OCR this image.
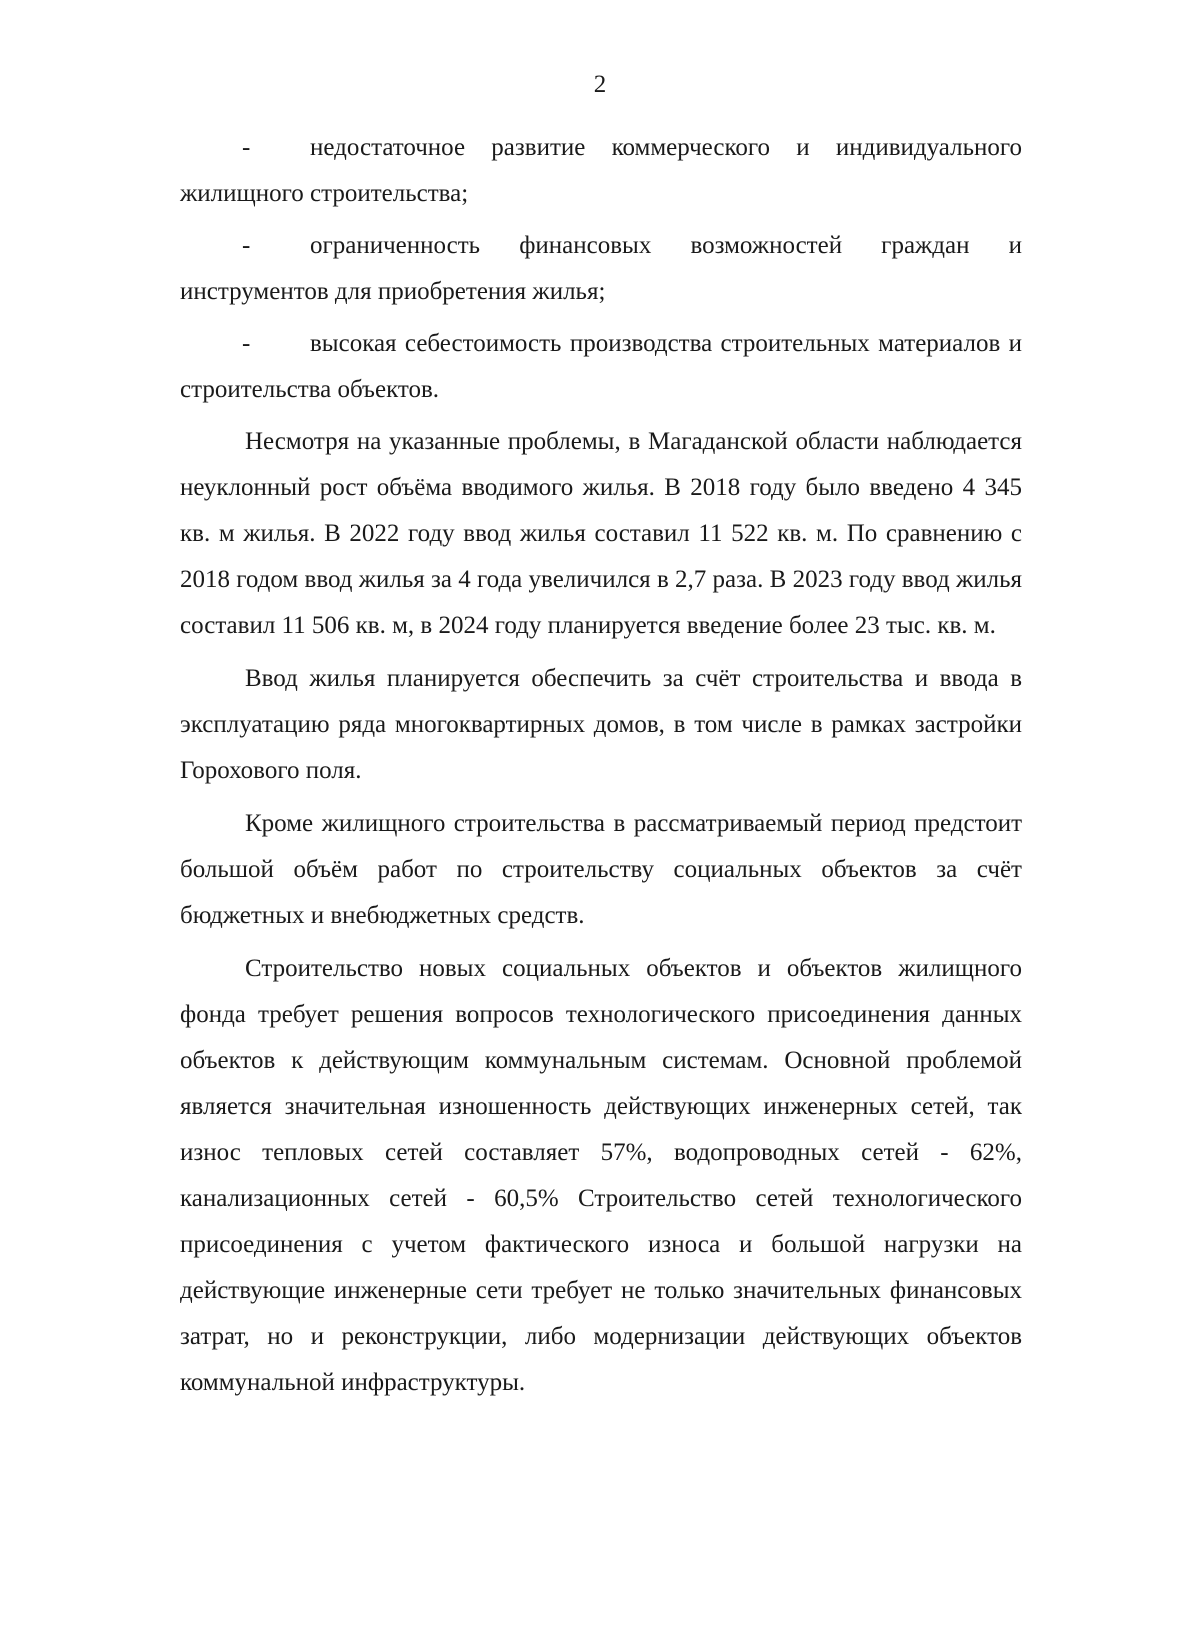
2
- недостаточное развитие коммерческого и индивидуального жилищного строительства;
- ограниченность финансовых возможностей граждан и инструментов для приобретения жилья;
- высокая себестоимость производства строительных материалов и строительства объектов.

Несмотря на указанные проблемы, в Магаданской области наблюдается неуклонный рост объёма вводимого жилья. В 2018 году было введено 4 345 кв. м жилья. В 2022 году ввод жилья составил 11 522 кв. м. По сравнению с 2018 годом ввод жилья за 4 года увеличился в 2,7 раза. В 2023 году ввод жилья составил 11 506 кв. м, в 2024 году планируется введение более 23 тыс. кв. м.

Ввод жилья планируется обеспечить за счёт строительства и ввода в эксплуатацию ряда многоквартирных домов, в том числе в рамках застройки Горохового поля.

Кроме жилищного строительства в рассматриваемый период предстоит большой объём работ по строительству социальных объектов за счёт бюджетных и внебюджетных средств.

Строительство новых социальных объектов и объектов жилищного фонда требует решения вопросов технологического присоединения данных объектов к действующим коммунальным системам. Основной проблемой является значительная изношенность действующих инженерных сетей, так износ тепловых сетей составляет 57%, водопроводных сетей - 62%, канализационных сетей - 60,5% Строительство сетей технологического присоединения с учетом фактического износа и большой нагрузки на действующие инженерные сети требует не только значительных финансовых затрат, но и реконструкции, либо модернизации действующих объектов коммунальной инфраструктуры.
